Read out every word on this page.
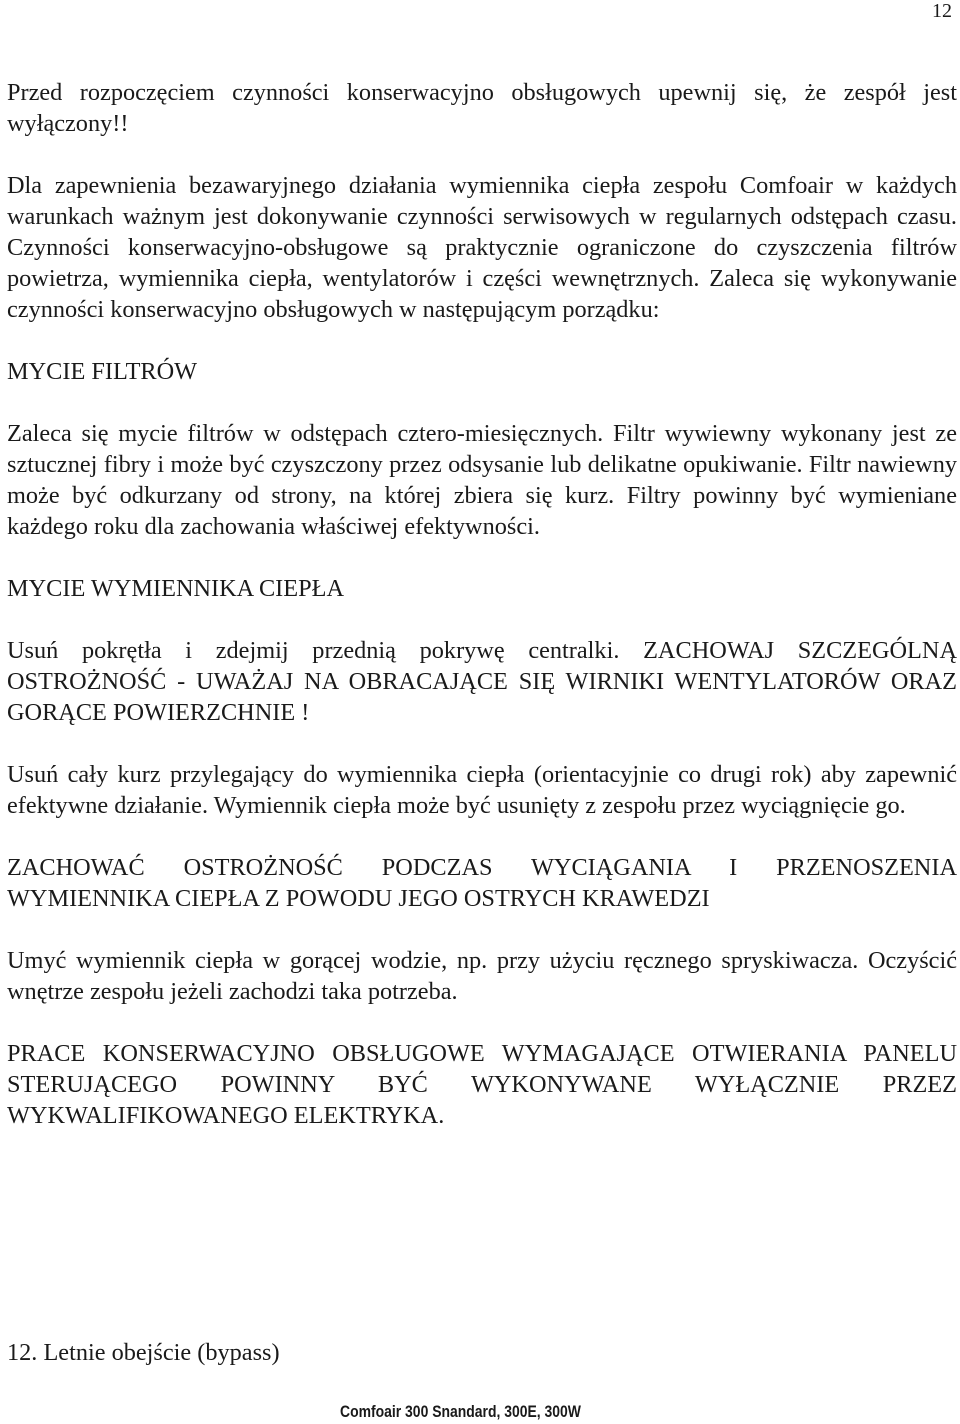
12

Przed rozpoczęciem czynności konserwacyjno obsługowych upewnij się, że zespół jest wyłączony!!

Dla zapewnienia bezawaryjnego działania wymiennika ciepła zespołu Comfoair w każdych warunkach ważnym jest dokonywanie czynności serwisowych w regularnych odstępach czasu. Czynności konserwacyjno-obsługowe są praktycznie ograniczone do czyszczenia filtrów powietrza, wymiennika ciepła, wentylatorów i części wewnętrznych. Zaleca się wykonywanie czynności konserwacyjno obsługowych w następującym porządku:

MYCIE FILTRÓW

Zaleca się mycie filtrów w odstępach cztero-miesięcznych. Filtr wywiewny wykonany jest ze sztucznej fibry i może być czyszczony przez odsysanie lub delikatne opukiwanie. Filtr nawiewny może być odkurzany od strony, na której zbiera się kurz. Filtry powinny być wymieniane każdego roku dla zachowania właściwej efektywności.

MYCIE WYMIENNIKA CIEPŁA

Usuń pokrętła i zdejmij przednią pokrywę centralki. ZACHOWAJ SZCZEGÓLNĄ OSTROŻNOŚĆ - UWAŻAJ NA OBRACAJĄCE SIĘ WIRNIKI WENTYLATORÓW ORAZ GORĄCE POWIERZCHNIE !

Usuń cały kurz przylegający do wymiennika ciepła (orientacyjnie co drugi rok) aby zapewnić efektywne działanie. Wymiennik ciepła może być usunięty z zespołu przez wyciągnięcie go.

ZACHOWAĆ OSTROŻNOŚĆ PODCZAS WYCIĄGANIA I PRZENOSZENIA WYMIENNIKA CIEPŁA Z POWODU JEGO OSTRYCH KRAWEDZI

Umyć wymiennik ciepła w gorącej wodzie, np. przy użyciu ręcznego spryskiwacza. Oczyścić wnętrze zespołu jeżeli zachodzi taka potrzeba.

PRACE KONSERWACYJNO OBSŁUGOWE WYMAGAJĄCE OTWIERANIA PANELU STERUJĄCEGO POWINNY BYĆ WYKONYWANE WYŁĄCZNIE PRZEZ WYKWALIFIKOWANEGO ELEKTRYKA.

12. Letnie obejście (bypass)
Comfoair 300 Snandard, 300E, 300W
